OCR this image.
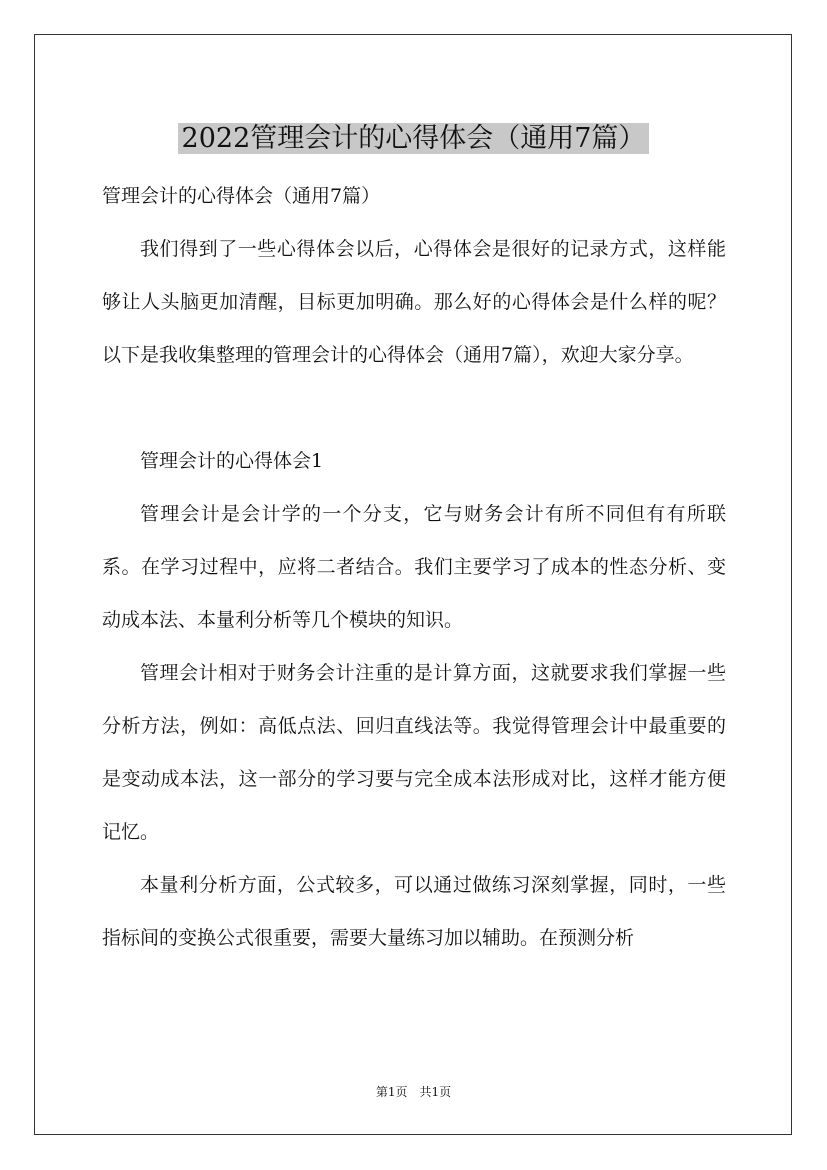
2022管理会计的心得体会（通用7篇）

管理会计的心得体会（通用7篇）

我们得到了一些心得体会以后，心得体会是很好的记录方式，这样能够让人头脑更加清醒，目标更加明确。那么好的心得体会是什么样的呢？以下是我收集整理的管理会计的心得体会（通用7篇），欢迎大家分享。

管理会计的心得体会1

管理会计是会计学的一个分支，它与财务会计有所不同但有有所联系。在学习过程中，应将二者结合。我们主要学习了成本的性态分析、变动成本法、本量利分析等几个模块的知识。

管理会计相对于财务会计注重的是计算方面，这就要求我们掌握一些分析方法，例如：高低点法、回归直线法等。我觉得管理会计中最重要的是变动成本法，这一部分的学习要与完全成本法形成对比，这样才能方便记忆。

本量利分析方面，公式较多，可以通过做练习深刻掌握，同时，一些指标间的变换公式很重要，需要大量练习加以辅助。在预测分析

第1页　共1页
